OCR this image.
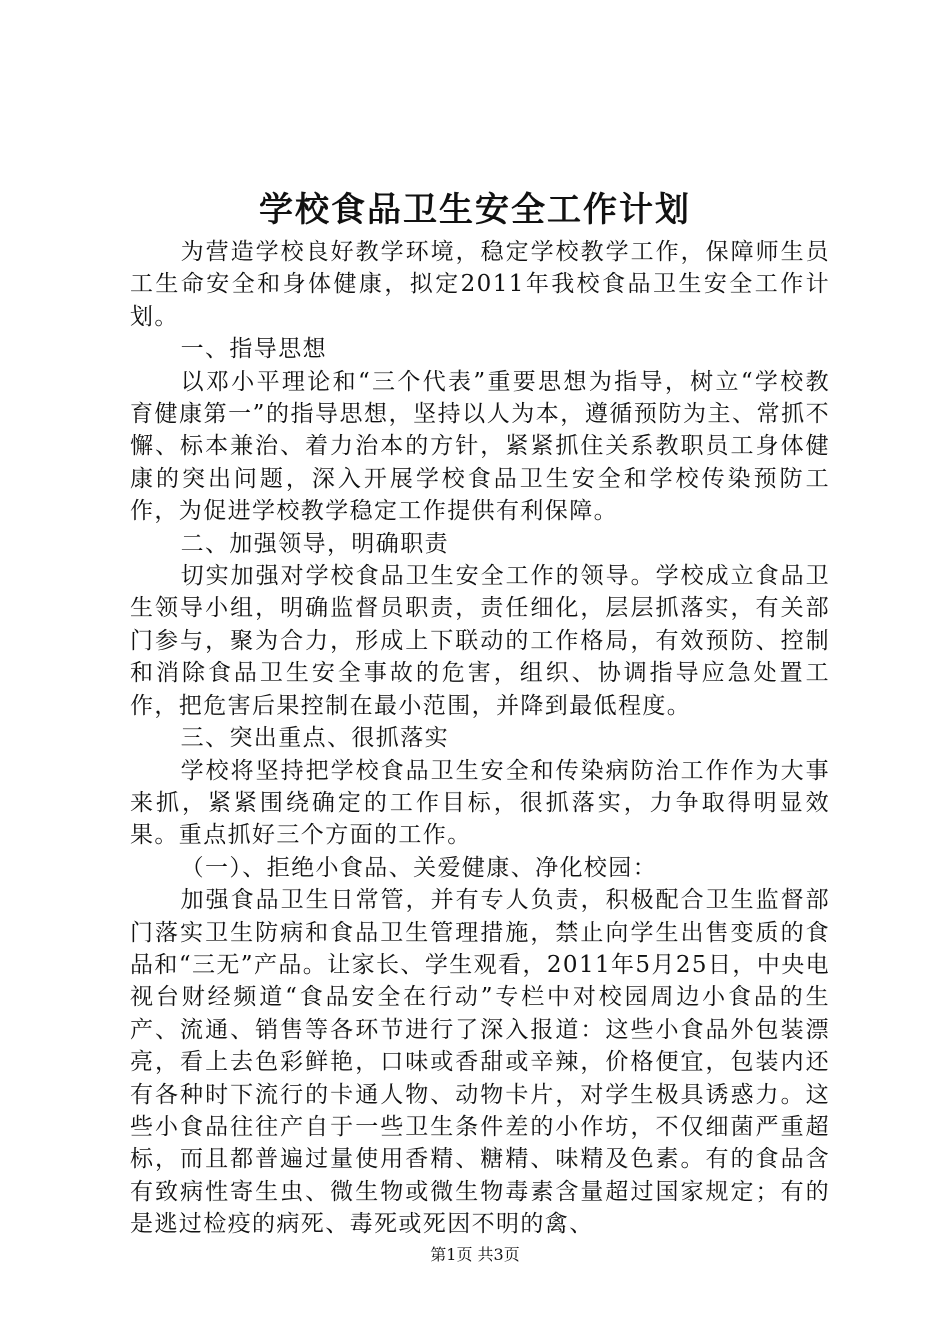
学校食品卫生安全工作计划

为营造学校良好教学环境，稳定学校教学工作，保障师生员工生命安全和身体健康，拟定2011年我校食品卫生安全工作计划。

一、指导思想

以邓小平理论和“三个代表”重要思想为指导，树立“学校教育健康第一”的指导思想，坚持以人为本，遵循预防为主、常抓不懈、标本兼治、着力治本的方针，紧紧抓住关系教职员工身体健康的突出问题，深入开展学校食品卫生安全和学校传染预防工作，为促进学校教学稳定工作提供有利保障。

二、加强领导，明确职责

切实加强对学校食品卫生安全工作的领导。学校成立食品卫生领导小组，明确监督员职责，责任细化，层层抓落实，有关部门参与，聚为合力，形成上下联动的工作格局，有效预防、控制和消除食品卫生安全事故的危害，组织、协调指导应急处置工作，把危害后果控制在最小范围，并降到最低程度。

三、突出重点、很抓落实

学校将坚持把学校食品卫生安全和传染病防治工作作为大事来抓，紧紧围绕确定的工作目标，很抓落实，力争取得明显效果。重点抓好三个方面的工作。

（一）、拒绝小食品、关爱健康、净化校园：

加强食品卫生日常管，并有专人负责，积极配合卫生监督部门落实卫生防病和食品卫生管理措施，禁止向学生出售变质的食品和“三无”产品。让家长、学生观看，2011年5月25日，中央电视台财经频道“食品安全在行动”专栏中对校园周边小食品的生产、流通、销售等各环节进行了深入报道：这些小食品外包装漂亮，看上去色彩鲜艳，口味或香甜或辛辣，价格便宜，包装内还有各种时下流行的卡通人物、动物卡片，对学生极具诱惑力。这些小食品往往产自于一些卫生条件差的小作坊，不仅细菌严重超标，而且都普遍过量使用香精、糖精、味精及色素。有的食品含有致病性寄生虫、微生物或微生物毒素含量超过国家规定；有的是逃过检疫的病死、毒死或死因不明的禽、

第1页 共3页
